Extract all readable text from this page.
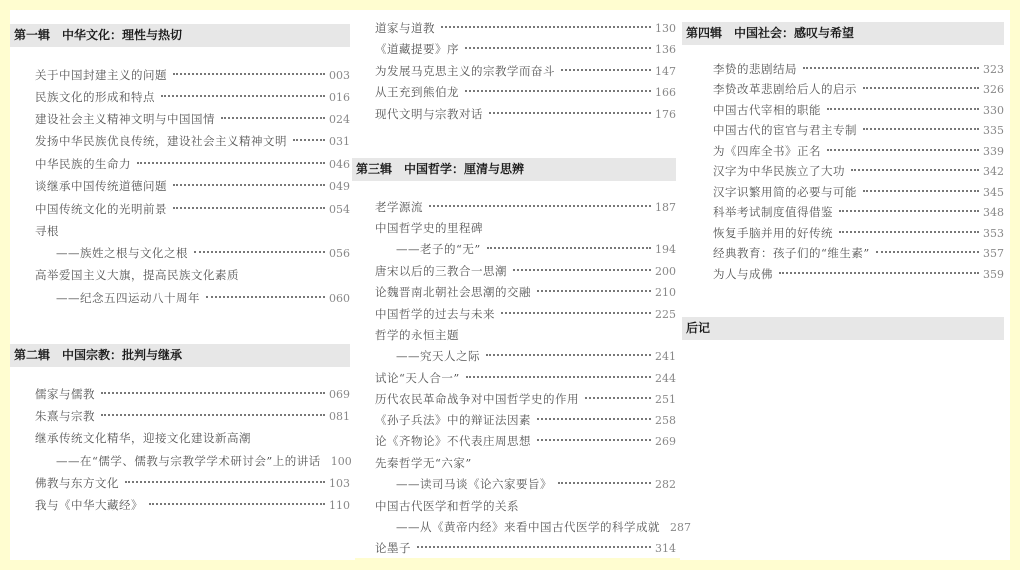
第一辑　中华文化：理性与热切
关于中国封建主义的问题	003
民族文化的形成和特点	016
建设社会主义精神文明与中国国情	024
发扬中华民族优良传统，建设社会主义精神文明	031
中华民族的生命力	046
谈继承中国传统道德问题	049
中国传统文化的光明前景	054
寻根
——族姓之根与文化之根	056
高举爱国主义大旗，提高民族文化素质
——纪念五四运动八十周年	060
第二辑　中国宗教：批判与继承
儒家与儒教	069
朱熹与宗教	081
继承传统文化精华，迎接文化建设新高潮
——在“儒学、儒教与宗教学学术研讨会”上的讲话 100
佛教与东方文化	103
我与《中华大藏经》	110
道家与道教	130
《道藏提要》序	136
为发展马克思主义的宗教学而奋斗	147
从王充到熊伯龙	166
现代文明与宗教对话	176
第三辑　中国哲学：厘清与思辨
老学源流	187
中国哲学史的里程碑
——老子的“无”	194
唐宋以后的三教合一思潮	200
论魏晋南北朝社会思潮的交融	210
中国哲学的过去与未来	225
哲学的永恒主题
——究天人之际	241
试论“天人合一”	244
历代农民革命战争对中国哲学史的作用	251
《孙子兵法》中的辩证法因素	258
论《齐物论》不代表庄周思想	269
先秦哲学无“六家”
——读司马谈《论六家要旨》	282
中国古代医学和哲学的关系
——从《黄帝内经》来看中国古代医学的科学成就 287
论墨子	314
第四辑　中国社会：感叹与希望
李贽的悲剧结局	323
李贽改革悲剧给后人的启示	326
中国古代宰相的职能	330
中国古代的宦官与君主专制	335
为《四库全书》正名	339
汉字为中华民族立了大功	342
汉字识繁用简的必要与可能	345
科举考试制度值得借鉴	348
恢复手脑并用的好传统	353
经典教育：孩子们的“维生素”	357
为人与成佛	359
后记
